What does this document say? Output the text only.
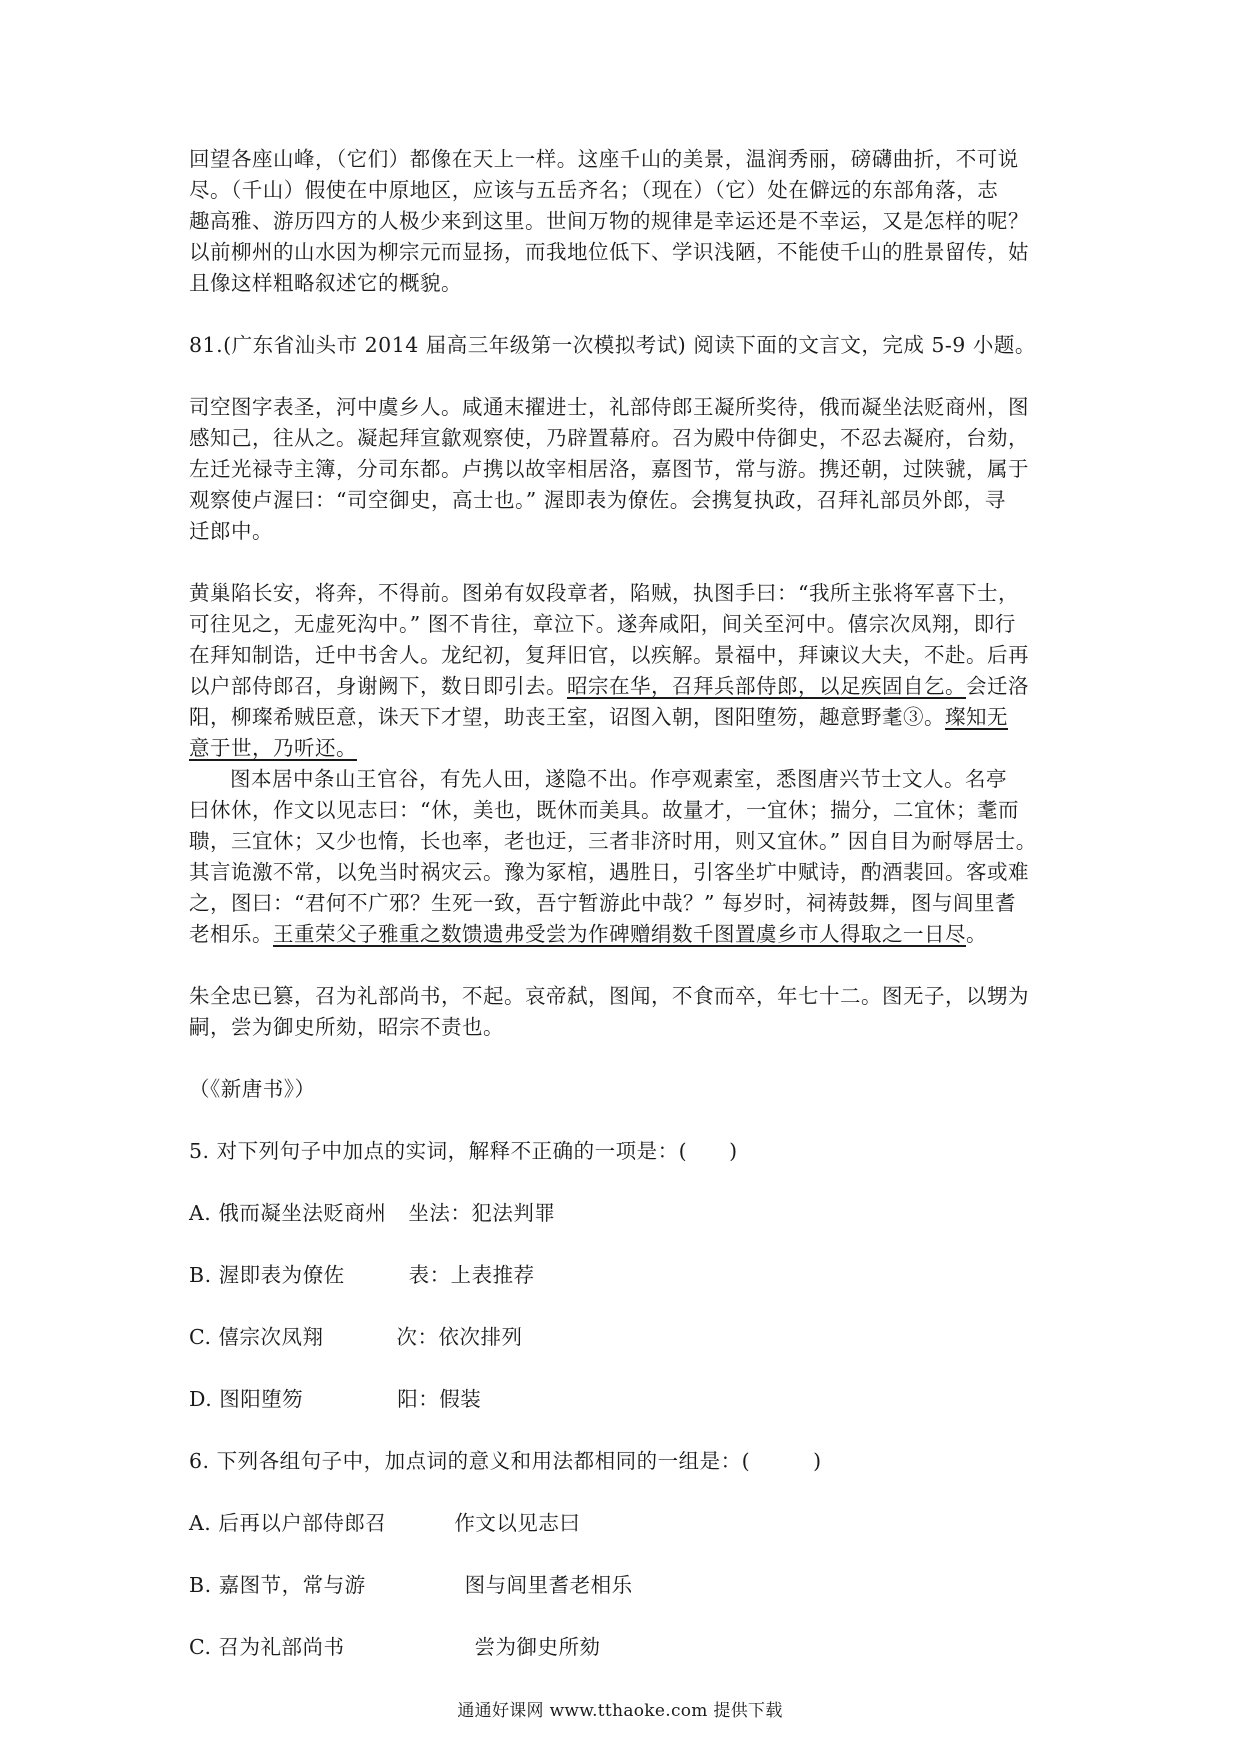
回望各座山峰，（它们）都像在天上一样。这座千山的美景，温润秀丽，磅礴曲折，不可说

尽。（千山）假使在中原地区，应该与五岳齐名；（现在）（它）处在僻远的东部角落，志

趣高雅、游历四方的人极少来到这里。世间万物的规律是幸运还是不幸运，又是怎样的呢？

以前柳州的山水因为柳宗元而显扬，而我地位低下、学识浅陋，不能使千山的胜景留传，姑

且像这样粗略叙述它的概貌。

81.(广东省汕头市 2014 届高三年级第一次模拟考试) 阅读下面的文言文，完成 5-9 小题。

司空图字表圣，河中虞乡人。咸通末擢进士，礼部侍郎王凝所奖待，俄而凝坐法贬商州，图

感知己，往从之。凝起拜宣歙观察使，乃辟置幕府。召为殿中侍御史，不忍去凝府，台劾，

左迁光禄寺主簿，分司东都。卢携以故宰相居洛，嘉图节，常与游。携还朝，过陕虢，属于

观察使卢渥曰：“司空御史，高士也。” 渥即表为僚佐。会携复执政，召拜礼部员外郎，寻

迁郎中。

黄巢陷长安，将奔，不得前。图弟有奴段章者，陷贼，执图手曰：“我所主张将军喜下士，

可往见之，无虚死沟中。” 图不肯往，章泣下。遂奔咸阳，间关至河中。僖宗次凤翔，即行

在拜知制诰，迁中书舍人。龙纪初，复拜旧官，以疾解。景福中，拜谏议大夫，不赴。后再

以户部侍郎召，身谢阙下，数日即引去。昭宗在华，召拜兵部侍郎，以足疾固自乞。会迁洛

阳，柳璨希贼臣意，诛天下才望，助丧王室，诏图入朝，图阳堕笏，趣意野耄③。璨知无

意于世，乃听还。

图本居中条山王官谷，有先人田，遂隐不出。作亭观素室，悉图唐兴节士文人。名亭

曰休休，作文以见志曰：“休，美也，既休而美具。故量才，一宜休；揣分，二宜休；耄而

聩，三宜休；又少也惰，长也率，老也迂，三者非济时用，则又宜休。” 因自目为耐辱居士。

其言诡激不常，以免当时祸灾云。豫为冢棺，遇胜日，引客坐圹中赋诗，酌酒裴回。客或难

之，图曰：“君何不广邪？生死一致，吾宁暂游此中哉？” 每岁时，祠祷鼓舞，图与闾里耆

老相乐。王重荣父子雅重之数馈遗弗受尝为作碑赠绢数千图置虞乡市人得取之一日尽。

朱全忠已篡，召为礼部尚书，不起。哀帝弑，图闻，不食而卒，年七十二。图无子，以甥为

嗣，尝为御史所劾，昭宗不责也。

（《新唐书》）

5. 对下列句子中加点的实词，解释不正确的一项是：(　　)

A. 俄而凝坐法贬商州 坐法：犯法判罪

B. 渥即表为僚佐	表：上表推荐

C. 僖宗次凤翔	次：依次排列

D. 图阳堕笏	阳：假装

6. 下列各组句子中，加点词的意义和用法都相同的一组是：(　　　)

A. 后再以户部侍郎召	作文以见志曰

B. 嘉图节，常与游	图与闾里耆老相乐

C. 召为礼部尚书	尝为御史所劾

通通好课网 www.tthaoke.com 提供下载
